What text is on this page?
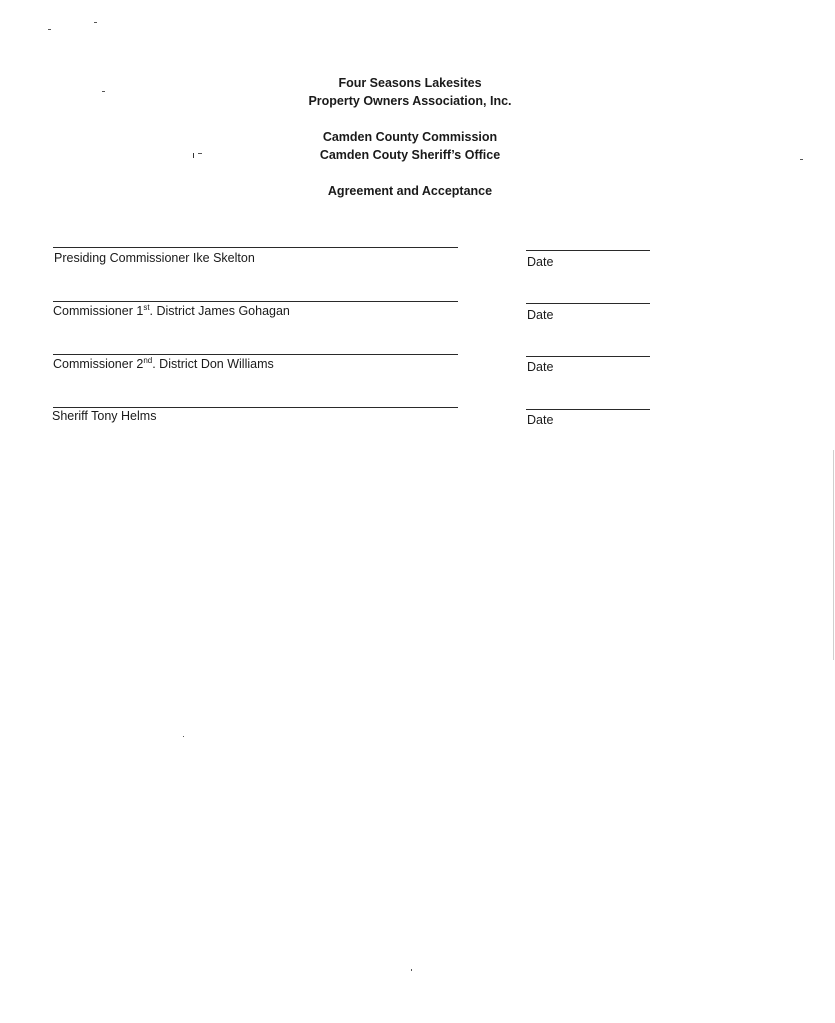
Four Seasons Lakesites
Property Owners Association, Inc.
Camden County Commission
Camden Couty Sheriff’s Office
Agreement and Acceptance
Presiding Commissioner Ike Skelton	Date
Commissioner 1st. District James Gohagan	Date
Commissioner 2nd. District Don Williams	Date
Sheriff Tony Helms	Date
